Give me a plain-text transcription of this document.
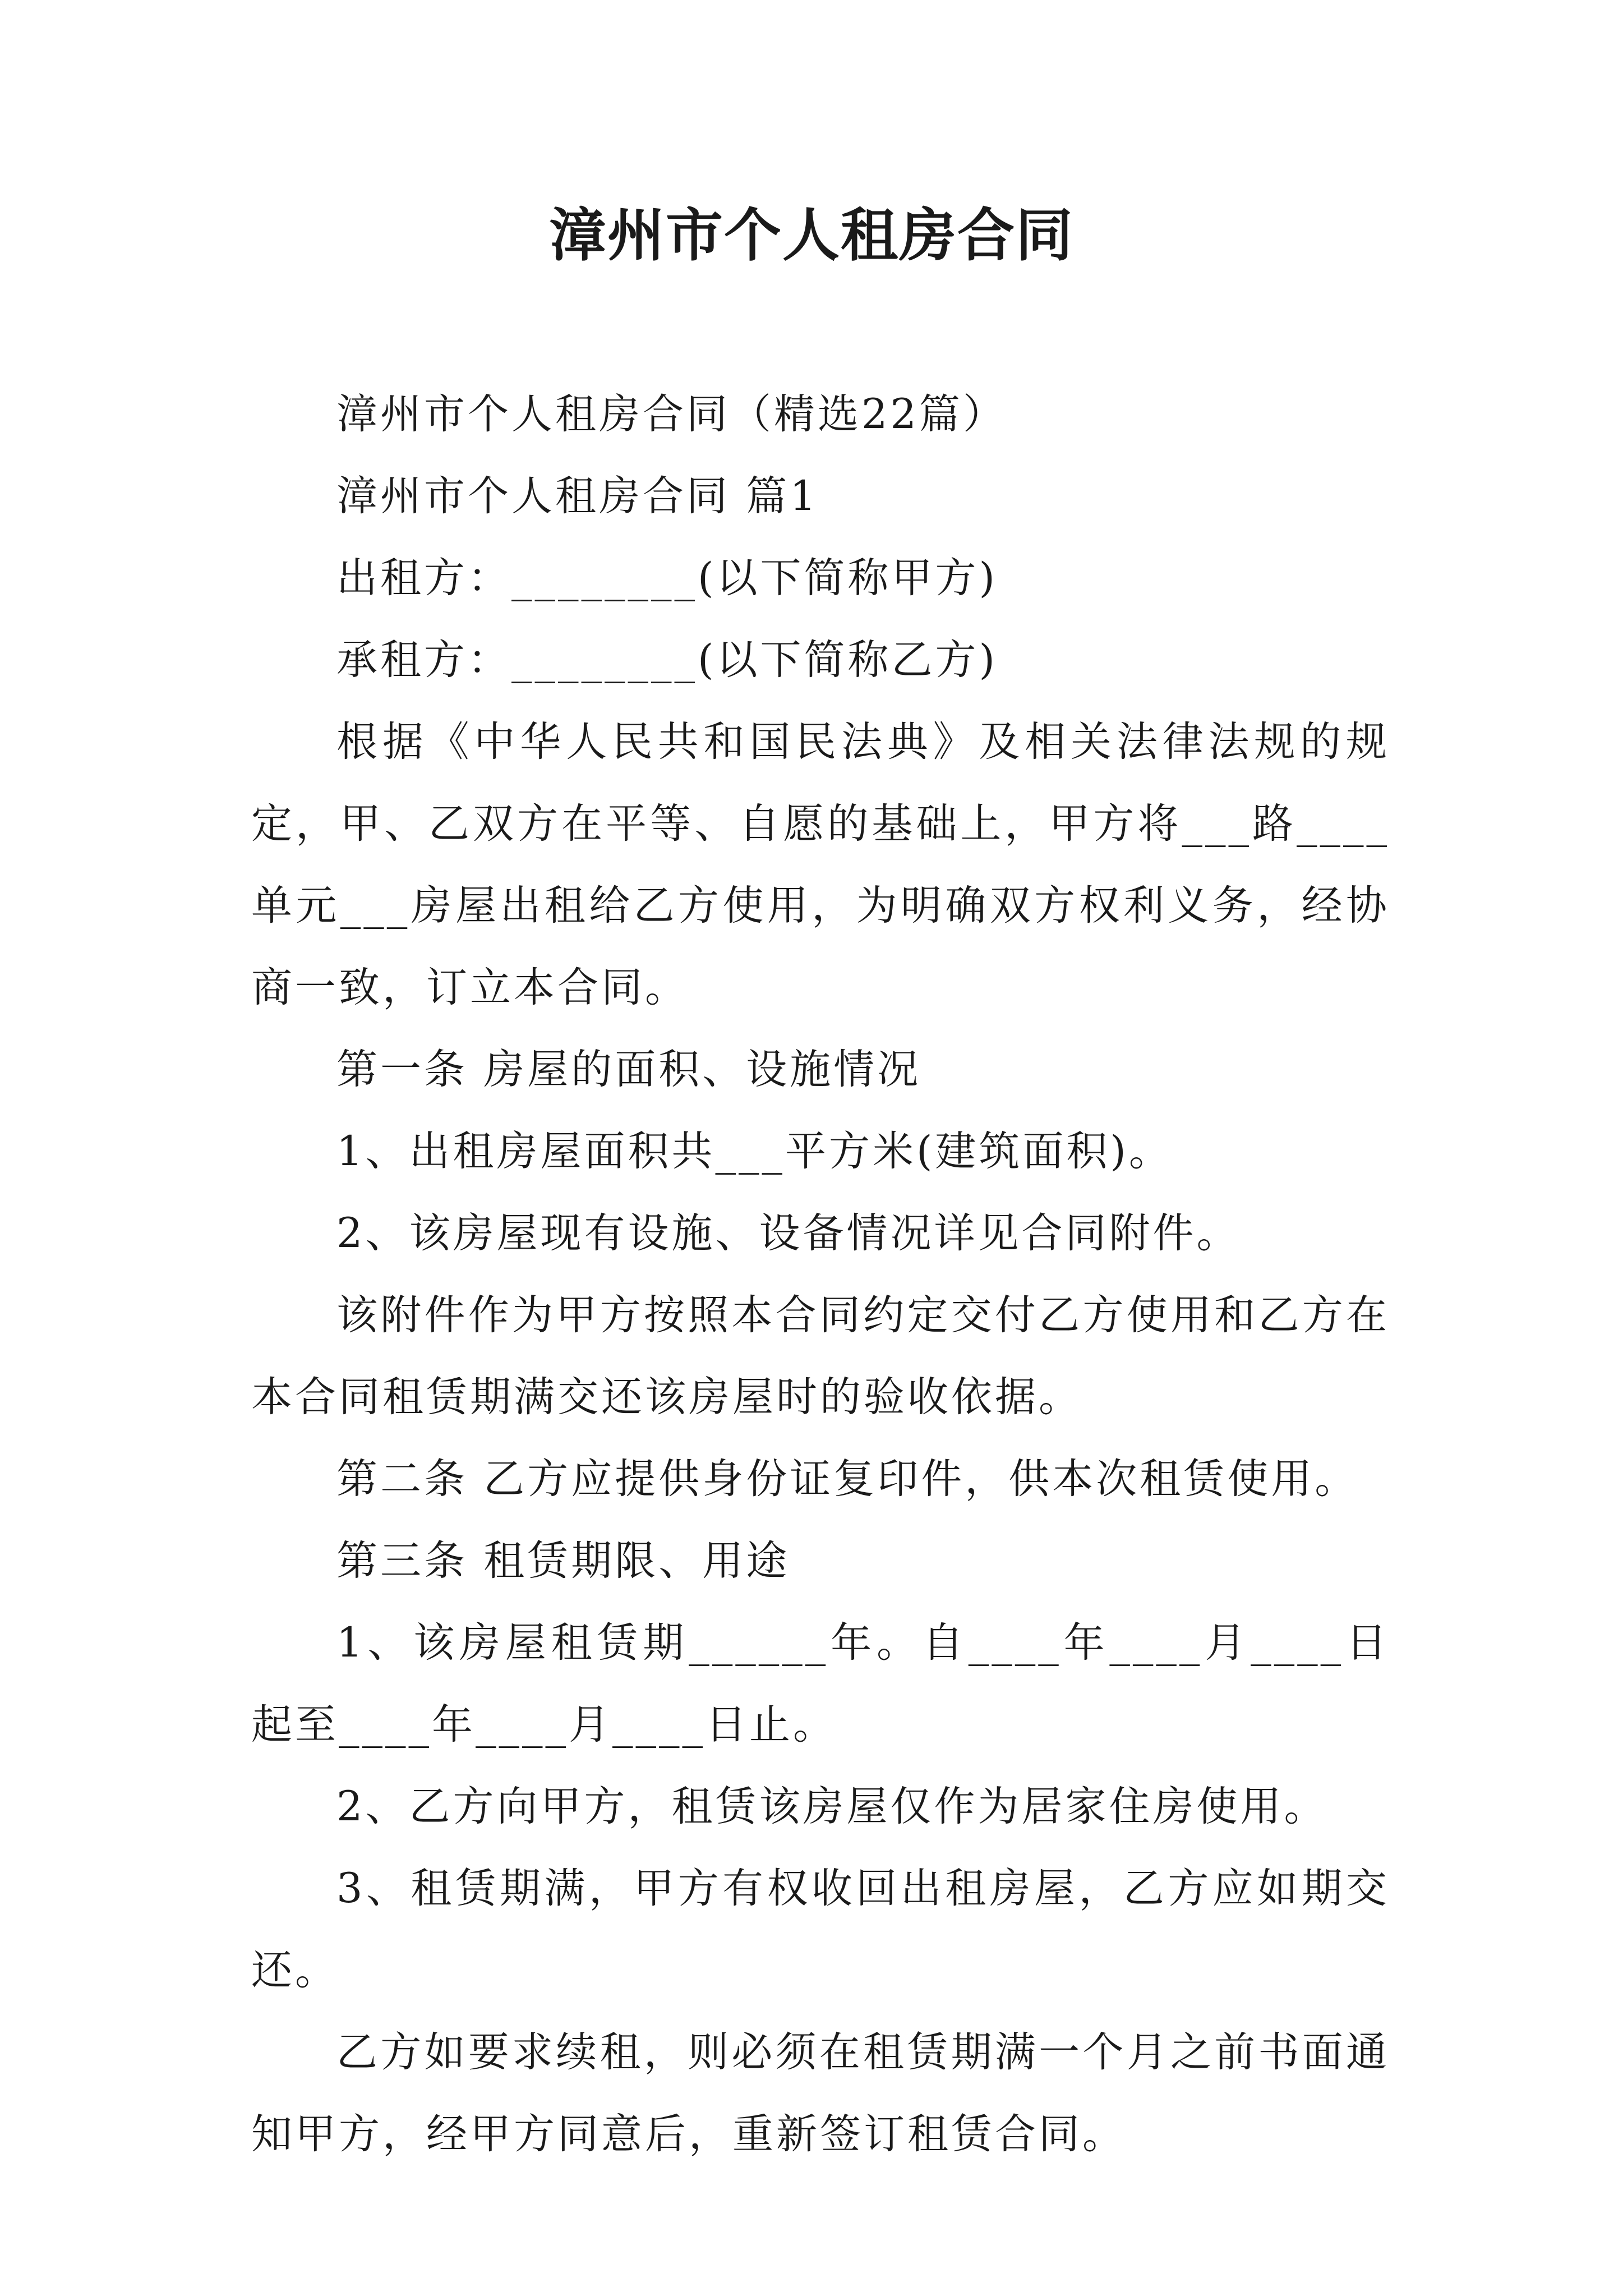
漳州市个人租房合同

漳州市个人租房合同（精选22篇）

漳州市个人租房合同 篇1

出租方：________(以下简称甲方)

承租方：________(以下简称乙方)

根据《中华人民共和国民法典》及相关法律法规的规定，甲、乙双方在平等、自愿的基础上，甲方将___路____单元___房屋出租给乙方使用，为明确双方权利义务，经协商一致，订立本合同。

第一条 房屋的面积、设施情况

1、出租房屋面积共___平方米(建筑面积)。

2、该房屋现有设施、设备情况详见合同附件。

该附件作为甲方按照本合同约定交付乙方使用和乙方在本合同租赁期满交还该房屋时的验收依据。

第二条 乙方应提供身份证复印件，供本次租赁使用。

第三条 租赁期限、用途

1、该房屋租赁期______年。自____年____月____日起至____年____月____日止。

2、乙方向甲方，租赁该房屋仅作为居家住房使用。

3、租赁期满，甲方有权收回出租房屋，乙方应如期交还。

乙方如要求续租，则必须在租赁期满一个月之前书面通知甲方，经甲方同意后，重新签订租赁合同。
